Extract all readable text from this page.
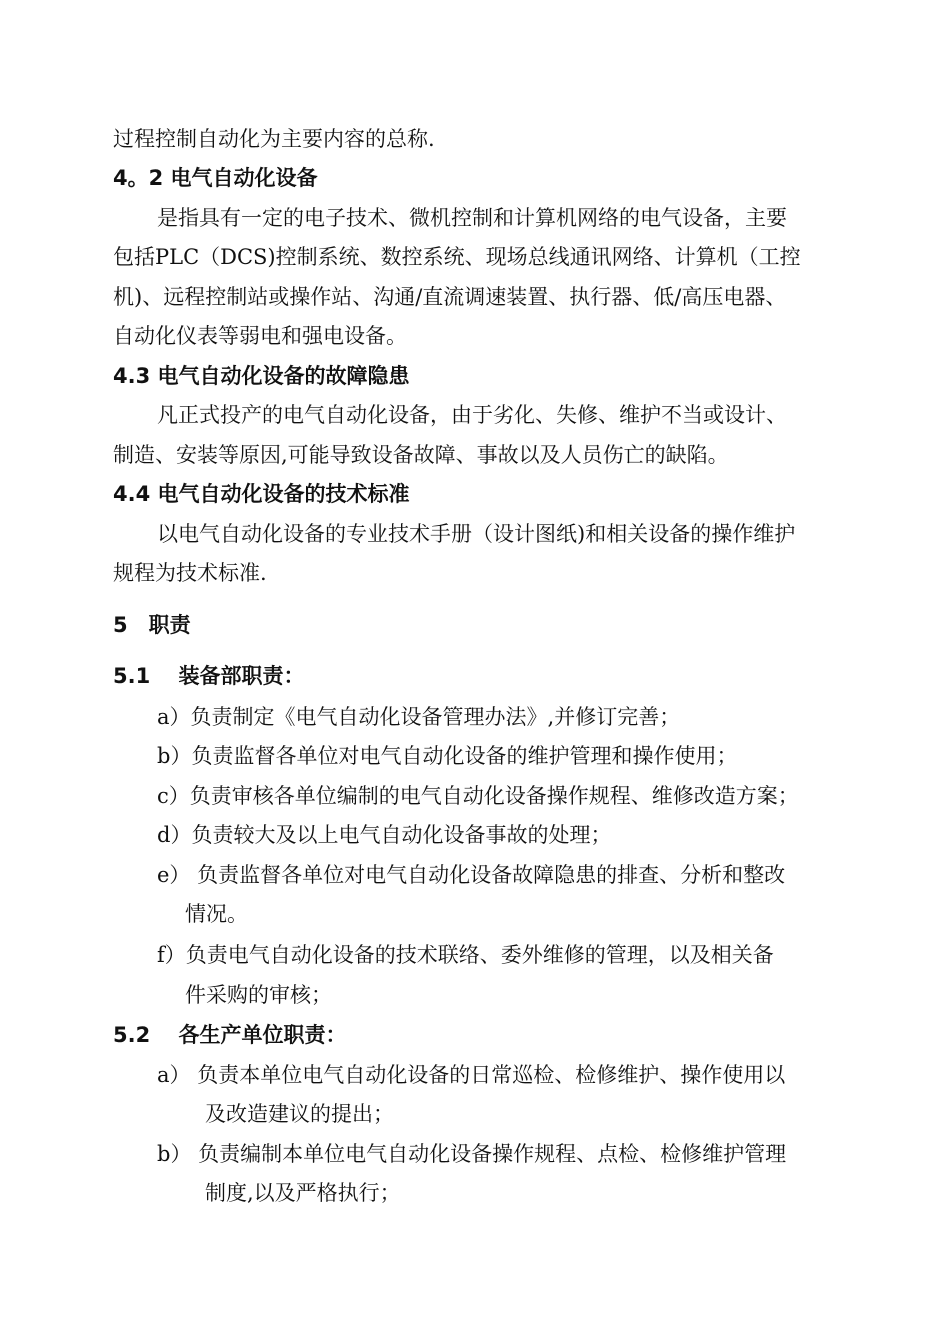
过程控制自动化为主要内容的总称.
4。2 电气自动化设备
是指具有一定的电子技术、微机控制和计算机网络的电气设备，主要
包括PLC（DCS)控制系统、数控系统、现场总线通讯网络、计算机（工控
机)、远程控制站或操作站、沟通/直流调速装置、执行器、低/高压电器、
自动化仪表等弱电和强电设备。
4.3 电气自动化设备的故障隐患
凡正式投产的电气自动化设备，由于劣化、失修、维护不当或设计、
制造、安装等原因,可能导致设备故障、事故以及人员伤亡的缺陷。
4.4 电气自动化设备的技术标准
以电气自动化设备的专业技术手册（设计图纸)和相关设备的操作维护
规程为技术标准.
5　职责
5.1　 装备部职责：
a）负责制定《电气自动化设备管理办法》,并修订完善；
b）负责监督各单位对电气自动化设备的维护管理和操作使用；
c）负责审核各单位编制的电气自动化设备操作规程、维修改造方案；
d）负责较大及以上电气自动化设备事故的处理；
e） 负责监督各单位对电气自动化设备故障隐患的排查、分析和整改
情况。
f）负责电气自动化设备的技术联络、委外维修的管理，以及相关备
件采购的审核；
5.2　 各生产单位职责：
a） 负责本单位电气自动化设备的日常巡检、检修维护、操作使用以
及改造建议的提出；
b） 负责编制本单位电气自动化设备操作规程、点检、检修维护管理
制度,以及严格执行；
